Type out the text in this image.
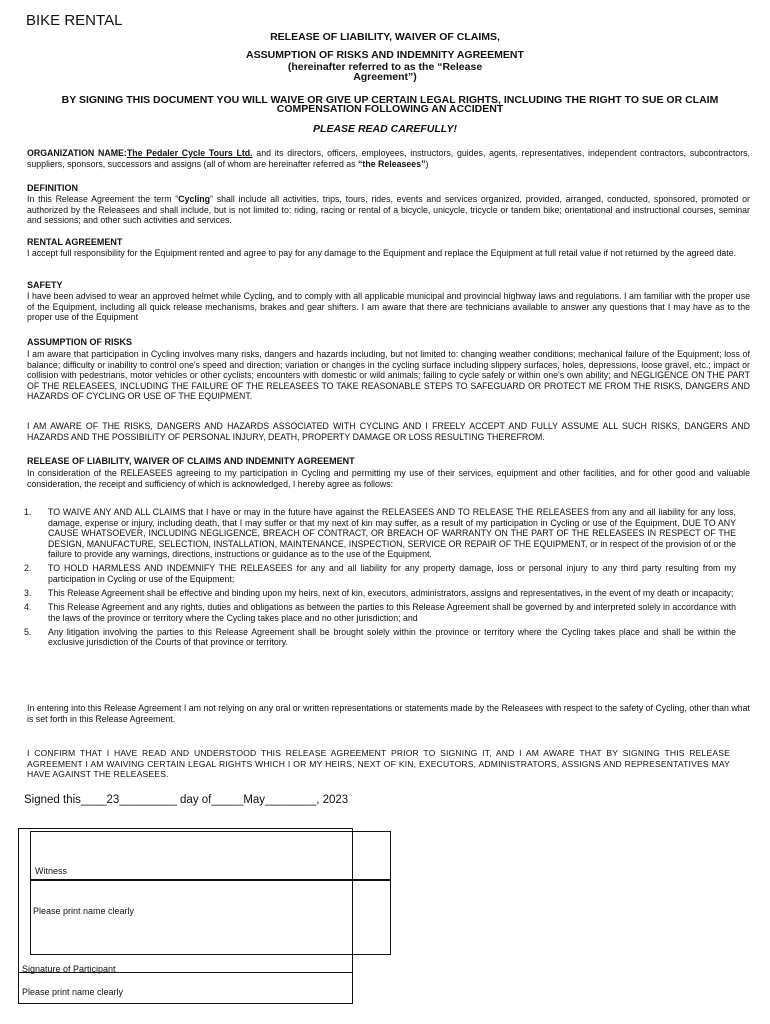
BIKE RENTAL
RELEASE OF LIABILITY, WAIVER OF CLAIMS,
ASSUMPTION OF RISKS AND INDEMNITY AGREEMENT
(hereinafter referred to as the “Release
Agreement”)
BY SIGNING THIS DOCUMENT YOU WILL WAIVE OR GIVE UP CERTAIN LEGAL RIGHTS, INCLUDING THE RIGHT TO SUE OR CLAIM
COMPENSATION FOLLOWING AN ACCIDENT
PLEASE READ CAREFULLY!
ORGANIZATION NAME:The Pedaler Cycle Tours Ltd. and its directors, officers, employees, instructors, guides, agents, representatives, independent contractors, subcontractors, suppliers, sponsors, successors and assigns (all of whom are hereinafter referred as “the Releasees”)
DEFINITION
In this Release Agreement the term “Cycling” shall include all activities, trips, tours, rides, events and services organized, provided, arranged, conducted, sponsored, promoted or authorized by the Releasees and shall include, but is not limited to: riding, racing or rental of a bicycle, unicycle, tricycle or tandem bike; orientational and instructional courses, seminar and sessions; and other such activities and services.
RENTAL AGREEMENT
I accept full responsibility for the Equipment rented and agree to pay for any damage to the Equipment and replace the Equipment at full retail value if not returned by the agreed date.
SAFETY
I have been advised to wear an approved helmet while Cycling, and to comply with all applicable municipal and provincial highway laws and regulations. I am familiar with the proper use of the Equipment, including all quick release mechanisms, brakes and gear shifters. I am aware that there are technicians available to answer any questions that I may have as to the proper use of the Equipment
ASSUMPTION OF RISKS
I am aware that participation in Cycling involves many risks, dangers and hazards including, but not limited to: changing weather conditions; mechanical failure of the Equipment; loss of balance; difficulty or inability to control one's speed and direction; variation or changes in the cycling surface including slippery surfaces, holes, depressions, loose gravel, etc.; impact or collision with pedestrians, motor vehicles or other cyclists; encounters with domestic or wild animals; failing to cycle safely or within one's own ability; and NEGLIGENCE ON THE PART OF THE RELEASEES, INCLUDING THE FAILURE OF THE RELEASEES TO TAKE REASONABLE STEPS TO SAFEGUARD OR PROTECT ME FROM THE RISKS, DANGERS AND HAZARDS OF CYCLING OR USE OF THE EQUIPMENT.
I AM AWARE OF THE RISKS, DANGERS AND HAZARDS ASSOCIATED WITH CYCLING AND I FREELY ACCEPT AND FULLY ASSUME ALL SUCH RISKS, DANGERS AND HAZARDS AND THE POSSIBILITY OF PERSONAL INJURY, DEATH, PROPERTY DAMAGE OR LOSS RESULTING THEREFROM.
RELEASE OF LIABILITY, WAIVER OF CLAIMS AND INDEMNITY AGREEMENT
In consideration of the RELEASEES agreeing to my participation in Cycling and permitting my use of their services, equipment and other facilities, and for other good and valuable consideration, the receipt and sufficiency of which is acknowledged, I hereby agree as follows:
1. TO WAIVE ANY AND ALL CLAIMS that I have or may in the future have against the RELEASEES AND TO RELEASE THE RELEASEES from any and all liability for any loss, damage, expense or injury, including death, that I may suffer or that my next of kin may suffer, as a result of my participation in Cycling or use of the Equipment, DUE TO ANY CAUSE WHATSOEVER, INCLUDING NEGLIGENCE, BREACH OF CONTRACT, OR BREACH OF WARRANTY ON THE PART OF THE RELEASEES IN RESPECT OF THE DESIGN, MANUFACTURE, SELECTION, INSTALLATION, MAINTENANCE, INSPECTION, SERVICE OR REPAIR OF THE EQUIPMENT, or in respect of the provision of or the failure to provide any warnings, directions, instructions or guidance as to the use of the Equipment.
2. TO HOLD HARMLESS AND INDEMNIFY THE RELEASEES for any and all liability for any property damage, loss or personal injury to any third party resulting from my participation in Cycling or use of the Equipment;
3. This Release Agreement shall be effective and binding upon my heirs, next of kin, executors, administrators, assigns and representatives, in the event of my death or incapacity;
4. This Release Agreement and any rights, duties and obligations as between the parties to this Release Agreement shall be governed by and interpreted solely in accordance with the laws of the province or territory where the Cycling takes place and no other jurisdiction; and
5. Any litigation involving the parties to this Release Agreement shall be brought solely within the province or territory where the Cycling takes place and shall be within the exclusive jurisdiction of the Courts of that province or territory.
In entering into this Release Agreement I am not relying on any oral or written representations or statements made by the Releasees with respect to the safety of Cycling, other than what is set forth in this Release Agreement.
I CONFIRM THAT I HAVE READ AND UNDERSTOOD THIS RELEASE AGREEMENT PRIOR TO SIGNING IT, AND I AM AWARE THAT BY SIGNING THIS RELEASE AGREEMENT I AM WAIVING CERTAIN LEGAL RIGHTS WHICH I OR MY HEIRS, NEXT OF KIN, EXECUTORS, ADMINISTRATORS, ASSIGNS AND REPRESENTATIVES MAY HAVE AGAINST THE RELEASEES.
Signed this____23_________ day of_____May________, 2023
Witness
Please print name clearly
Signature of Participant
Please print name clearly
